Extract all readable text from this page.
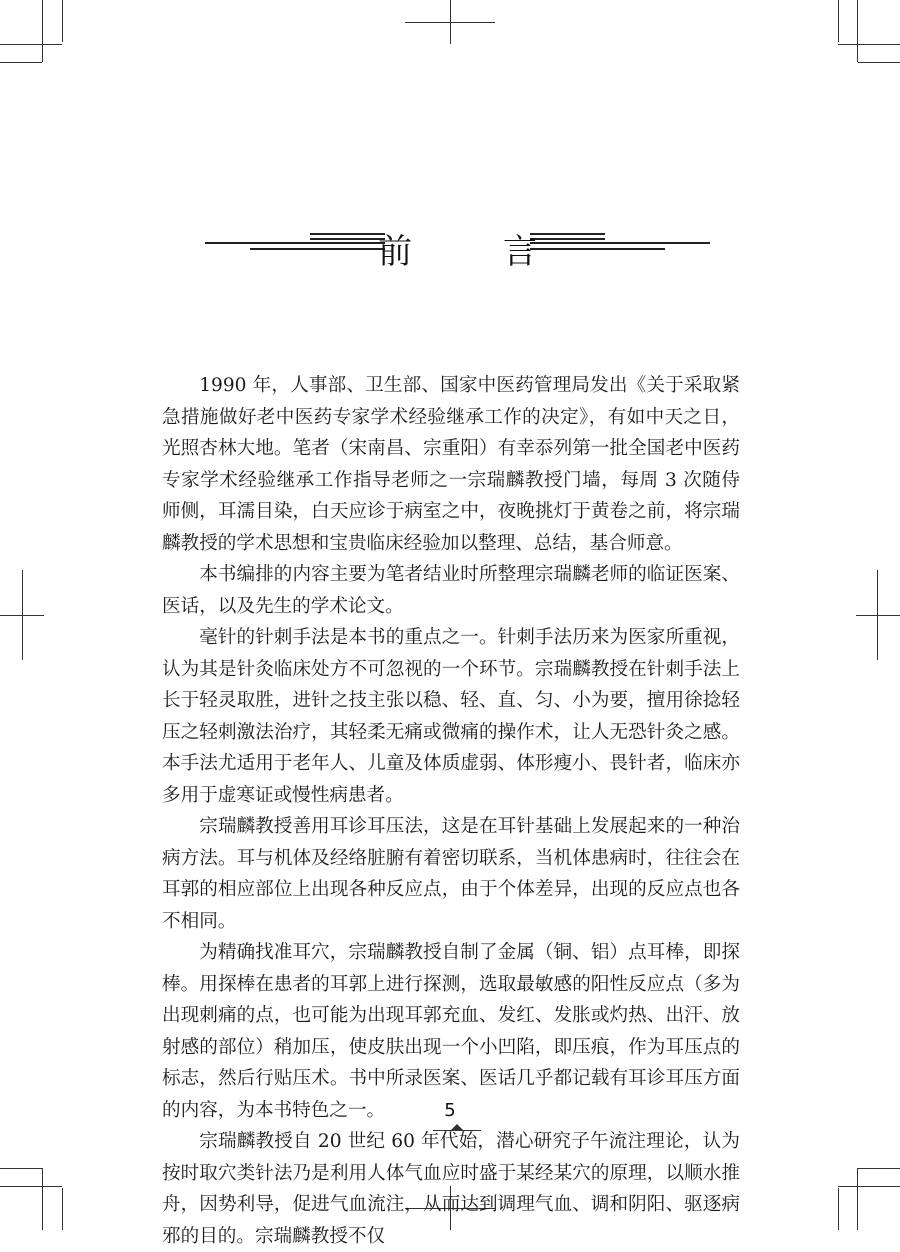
前 言

1990 年，人事部、卫生部、国家中医药管理局发出《关于采取紧急措施做好老中医药专家学术经验继承工作的决定》，有如中天之日，光照杏林大地。笔者（宋南昌、宗重阳）有幸忝列第一批全国老中医药专家学术经验继承工作指导老师之一宗瑞麟教授门墙，每周 3 次随侍师侧，耳濡目染，白天应诊于病室之中，夜晚挑灯于黄卷之前，将宗瑞麟教授的学术思想和宝贵临床经验加以整理、总结，基合师意。

本书编排的内容主要为笔者结业时所整理宗瑞麟老师的临证医案、医话，以及先生的学术论文。

毫针的针刺手法是本书的重点之一。针刺手法历来为医家所重视，认为其是针灸临床处方不可忽视的一个环节。宗瑞麟教授在针刺手法上长于轻灵取胜，进针之技主张以稳、轻、直、匀、小为要，擅用徐捻轻压之轻刺激法治疗，其轻柔无痛或微痛的操作术，让人无恐针灸之感。本手法尤适用于老年人、儿童及体质虚弱、体形瘦小、畏针者，临床亦多用于虚寒证或慢性病患者。

宗瑞麟教授善用耳诊耳压法，这是在耳针基础上发展起来的一种治病方法。耳与机体及经络脏腑有着密切联系，当机体患病时，往往会在耳郭的相应部位上出现各种反应点，由于个体差异，出现的反应点也各不相同。

为精确找准耳穴，宗瑞麟教授自制了金属（铜、铝）点耳棒，即探棒。用探棒在患者的耳郭上进行探测，选取最敏感的阳性反应点（多为出现刺痛的点，也可能为出现耳郭充血、发红、发胀或灼热、出汗、放射感的部位）稍加压，使皮肤出现一个小凹陷，即压痕，作为耳压点的标志，然后行贴压术。书中所录医案、医话几乎都记载有耳诊耳压方面的内容，为本书特色之一。

宗瑞麟教授自 20 世纪 60 年代始，潜心研究子午流注理论，认为按时取穴类针法乃是利用人体气血应时盛于某经某穴的原理，以顺水推舟，因势利导，促进气血流注，从而达到调理气血、调和阴阳、驱逐病邪的目的。宗瑞麟教授不仅

5
